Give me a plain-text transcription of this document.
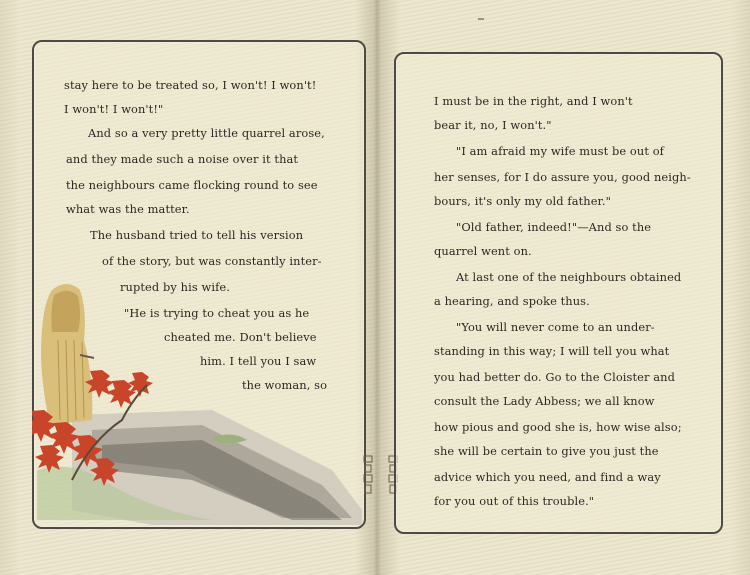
stay here to be treated so, I won't! I won't!
I won't! I won't!"
And so a very pretty little quarrel arose,
and they made such a noise over it that
the neighbours came flocking round to see
what was the matter.
The husband tried to tell his version
of the story, but was constantly inter-
rupted by his wife.
"He is trying to cheat you as he
cheated me. Don't believe
him. I tell you I saw
the woman, so
I must be in the right, and I won't
bear it, no, I won't."
"I am afraid my wife must be out of
her senses, for I do assure you, good neigh-
bours, it's only my old father."
"Old father, indeed!"—And so the
quarrel went on.
At last one of the neighbours obtained
a hearing, and spoke thus.
"You will never come to an under-
standing in this way; I will tell you what
you had better do. Go to the Cloister and
consult the Lady Abbess; we all know
how pious and good she is, how wise also;
she will be certain to give you just the
advice which you need, and find a way
for you out of this trouble."
